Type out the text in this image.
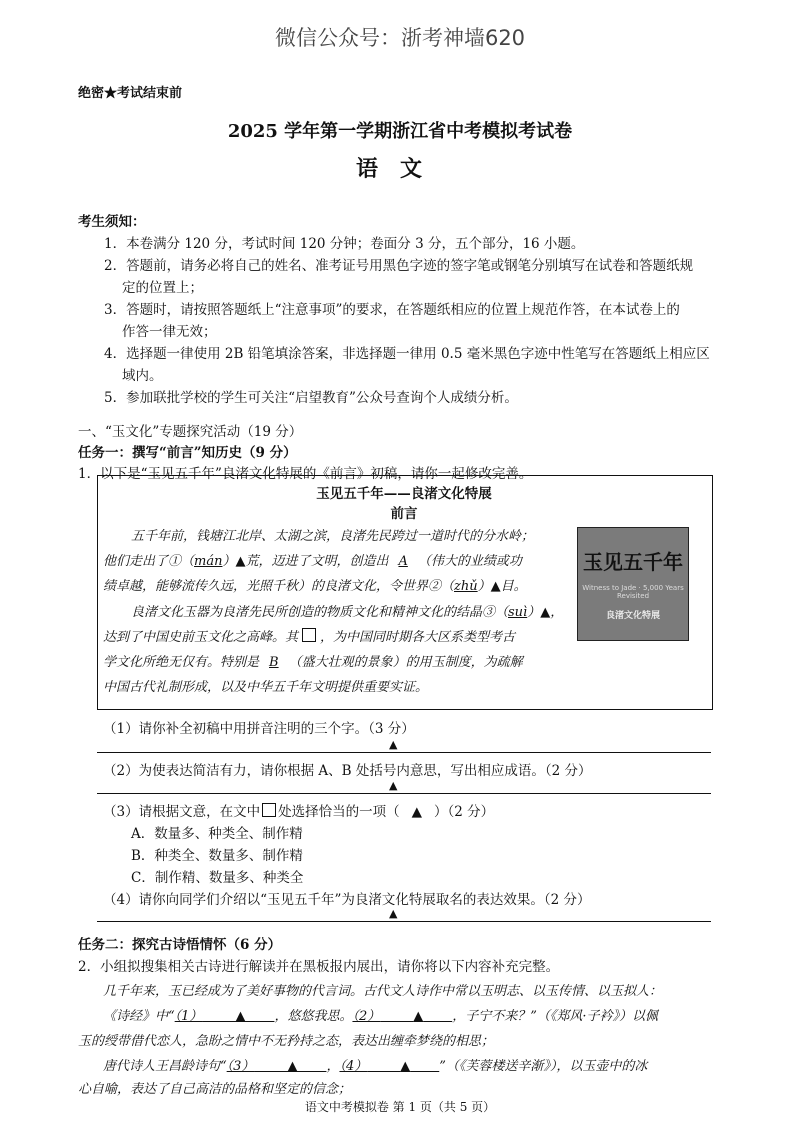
微信公众号：浙考神墙620
绝密★考试结束前
2025 学年第一学期浙江省中考模拟考试卷
语文
考生须知：
1．本卷满分 120 分，考试时间 120 分钟；卷面分 3 分，五个部分，16 小题。
2．答题前，请务必将自己的姓名、准考证号用黑色字迹的签字笔或钢笔分别填写在试卷和答题纸规
定的位置上；
3．答题时，请按照答题纸上“注意事项”的要求，在答题纸相应的位置上规范作答，在本试卷上的
作答一律无效；
4．选择题一律使用 2B 铅笔填涂答案，非选择题一律用 0.5 毫米黑色字迹中性笔写在答题纸上相应区
域内。
5．参加联批学校的学生可关注“启望教育”公众号查询个人成绩分析。
一、“玉文化”专题探究活动（19 分）
任务一：撰写“前言”知历史（9 分）
1．以下是“玉见五千年”良渚文化特展的《前言》初稿，请你一起修改完善。
玉见五千年——良渚文化特展
前言
五千年前，钱塘江北岸、太湖之滨，良渚先民跨过一道时代的分水岭；
他们走出了①（mán）▲荒，迈进了文明，创造出 A （伟大的业绩或功
绩卓越，能够流传久远，光照千秋）的良渚文化，令世界②（zhǔ）▲目。
良渚文化玉器为良渚先民所创造的物质文化和精神文化的结晶③（suì）▲，
达到了中国史前玉文化之高峰。其 ，为中国同时期各大区系类型考古
学文化所绝无仅有。特别是 B （盛大壮观的景象）的用玉制度，为疏解
中国古代礼制形成，以及中华五千年文明提供重要实证。
玉见五千年
Witness to Jade · 5,000 Years Revisited
良渚文化特展
（1）请你补全初稿中用拼音注明的三个字。（3 分）
▲
（2）为使表达简洁有力，请你根据 A、B 处括号内意思，写出相应成语。（2 分）
▲
（3）请根据文意，在文中 处选择恰当的一项（ ▲ ）（2 分）
A．数量多、种类全、制作精
B．种类全、数量多、制作精
C．制作精、数量多、种类全
（4）请你向同学们介绍以“玉见五千年”为良渚文化特展取名的表达效果。（2 分）
▲
任务二：探究古诗悟情怀（6 分）
2．小组拟搜集相关古诗进行解读并在黑板报内展出，请你将以下内容补充完整。
几千年来，玉已经成为了美好事物的代言词。古代文人诗作中常以玉明志、以玉传情、以玉拟人：
《诗经》中“（1）	▲ ，悠悠我思。（2）	▲ ，子宁不来？”（《郑风·子衿》）以佩
玉的绶带借代恋人，急盼之情中不无矜持之态，表达出缠牵梦绕的相思；
唐代诗人王昌龄诗句“（3）	▲ ，（4）	▲ ”（《芙蓉楼送辛渐》），以玉壶中的冰
心自喻，表达了自己高洁的品格和坚定的信念；
语文中考模拟卷 第 1 页（共 5 页）
